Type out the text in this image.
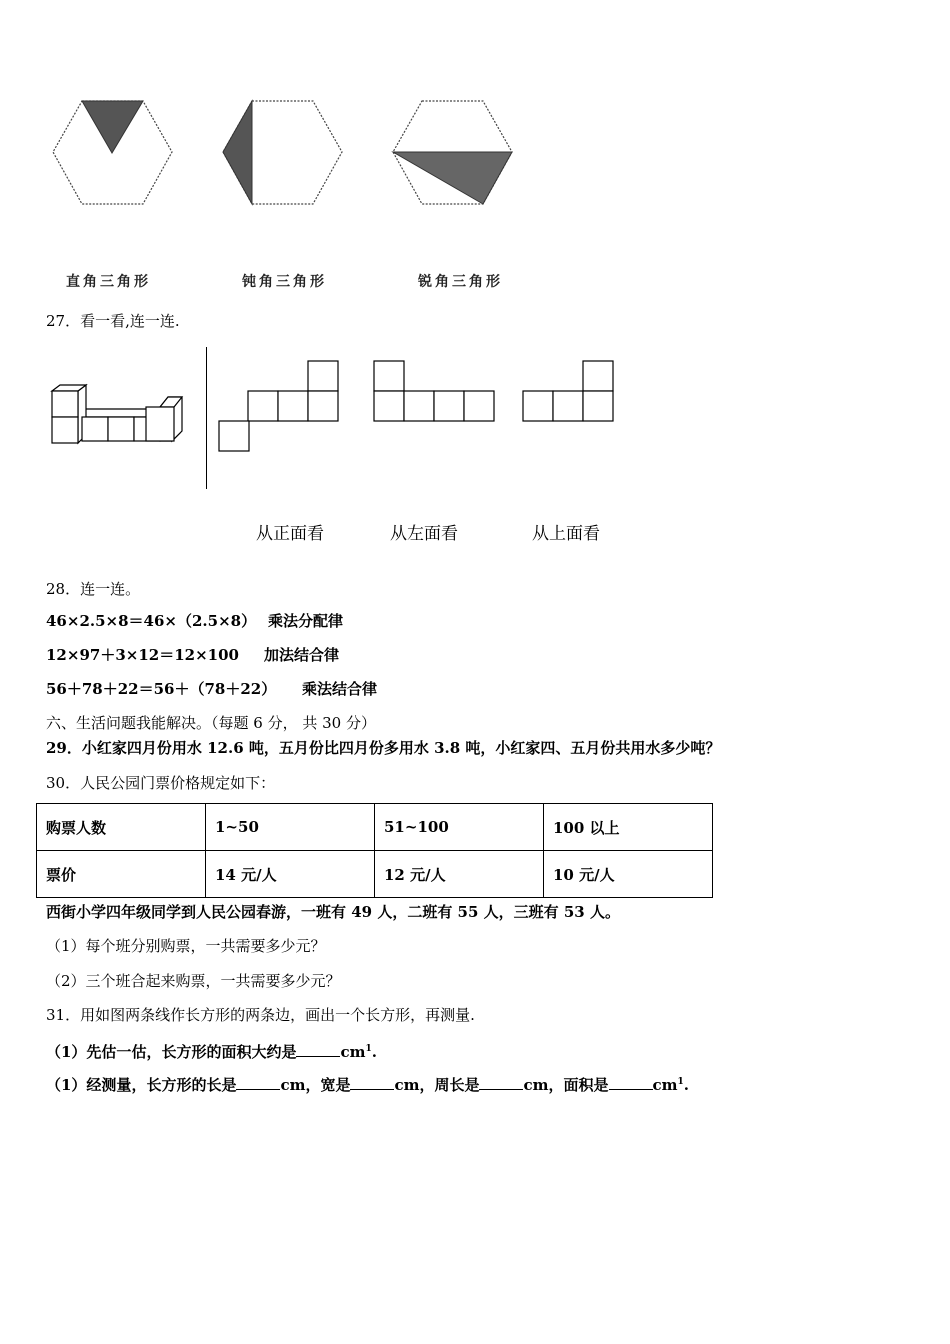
直角三角形	钝角三角形	锐角三角形
27．看一看,连一连.
从正面看	从左面看	从上面看
28．连一连。
46×2.5×8＝46×（2.5×8） 乘法分配律
12×97＋3×12＝12×100 加法结合律
56＋78＋22＝56＋（78＋22） 乘法结合律
六、生活问题我能解决。（每题 6 分， 共 30 分）
29．小红家四月份用水 12.6 吨，五月份比四月份多用水 3.8 吨，小红家四、五月份共用水多少吨？
30．人民公园门票价格规定如下：
购票人数	1~50	51~100	100 以上
票价	14 元/人	12 元/人	10 元/人
西街小学四年级同学到人民公园春游，一班有 49 人，二班有 55 人，三班有 53 人。
（1）每个班分别购票，一共需要多少元？
（2）三个班合起来购票，一共需要多少元？
31．用如图两条线作长方形的两条边，画出一个长方形，再测量.
（1）先估一估，长方形的面积大约是	$cm^1$.
（1）经测量，长方形的长是	cm，宽是	cm，周长是	cm，面积是	$cm^1$.
